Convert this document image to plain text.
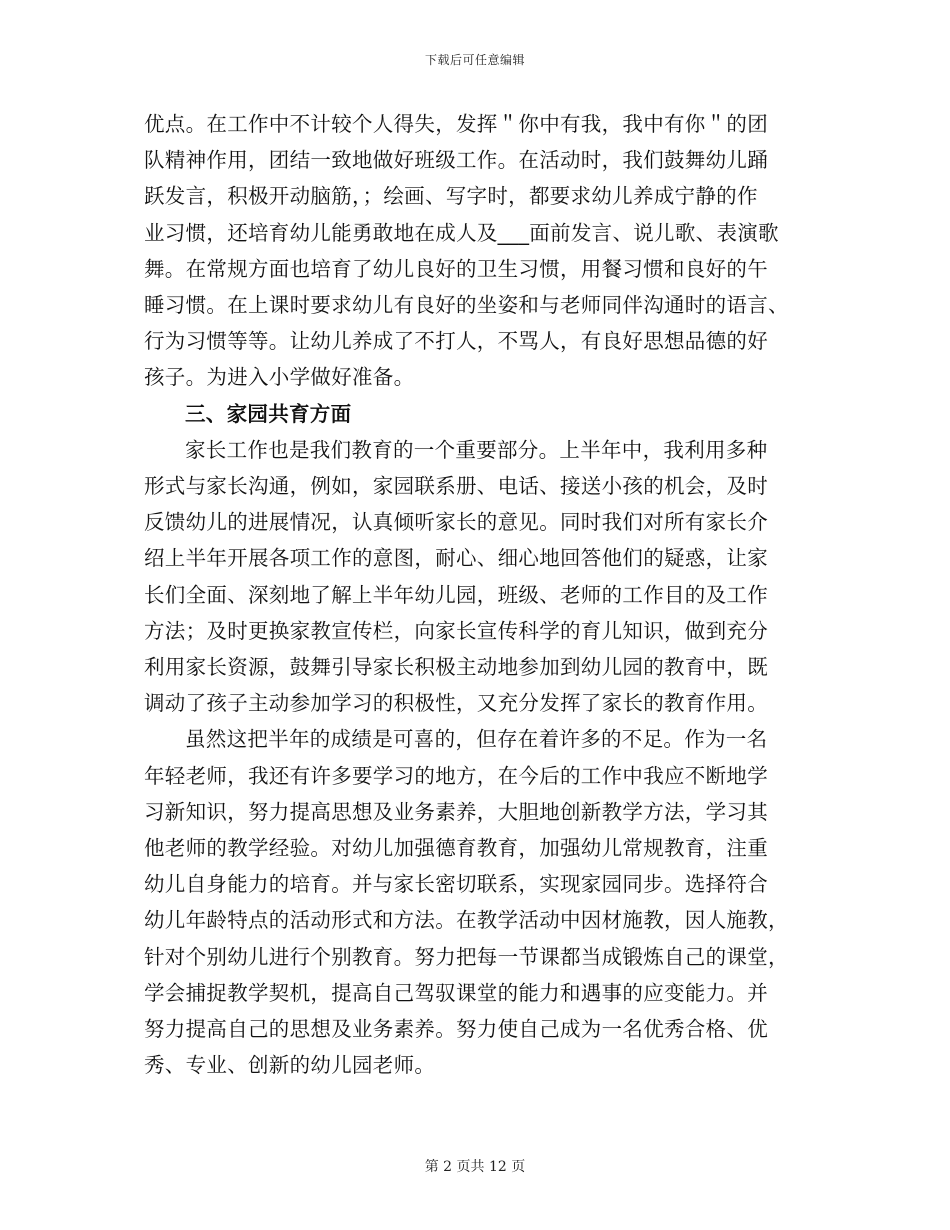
下载后可任意编辑
优点。在工作中不计较个人得失，发挥＂你中有我，我中有你＂的团
队精神作用，团结一致地做好班级工作。在活动时，我们鼓舞幼儿踊
跃发言，积极开动脑筋，；绘画、写字时，都要求幼儿养成宁静的作
业习惯，还培育幼儿能勇敢地在成人及___面前发言、说儿歌、表演歌
舞。在常规方面也培育了幼儿良好的卫生习惯，用餐习惯和良好的午
睡习惯。在上课时要求幼儿有良好的坐姿和与老师同伴沟通时的语言、
行为习惯等等。让幼儿养成了不打人，不骂人，有良好思想品德的好
孩子。为进入小学做好准备。
三、家园共育方面
家长工作也是我们教育的一个重要部分。上半年中，我利用多种
形式与家长沟通，例如，家园联系册、电话、接送小孩的机会，及时
反馈幼儿的进展情况，认真倾听家长的意见。同时我们对所有家长介
绍上半年开展各项工作的意图，耐心、细心地回答他们的疑惑，让家
长们全面、深刻地了解上半年幼儿园，班级、老师的工作目的及工作
方法；及时更换家教宣传栏，向家长宣传科学的育儿知识，做到充分
利用家长资源，鼓舞引导家长积极主动地参加到幼儿园的教育中，既
调动了孩子主动参加学习的积极性，又充分发挥了家长的教育作用。
虽然这把半年的成绩是可喜的，但存在着许多的不足。作为一名
年轻老师，我还有许多要学习的地方，在今后的工作中我应不断地学
习新知识，努力提高思想及业务素养，大胆地创新教学方法，学习其
他老师的教学经验。对幼儿加强德育教育，加强幼儿常规教育，注重
幼儿自身能力的培育。并与家长密切联系，实现家园同步。选择符合
幼儿年龄特点的活动形式和方法。在教学活动中因材施教，因人施教，
针对个别幼儿进行个别教育。努力把每一节课都当成锻炼自己的课堂，
学会捕捉教学契机，提高自己驾驭课堂的能力和遇事的应变能力。并
努力提高自己的思想及业务素养。努力使自己成为一名优秀合格、优
秀、专业、创新的幼儿园老师。
第 2 页共 12 页
